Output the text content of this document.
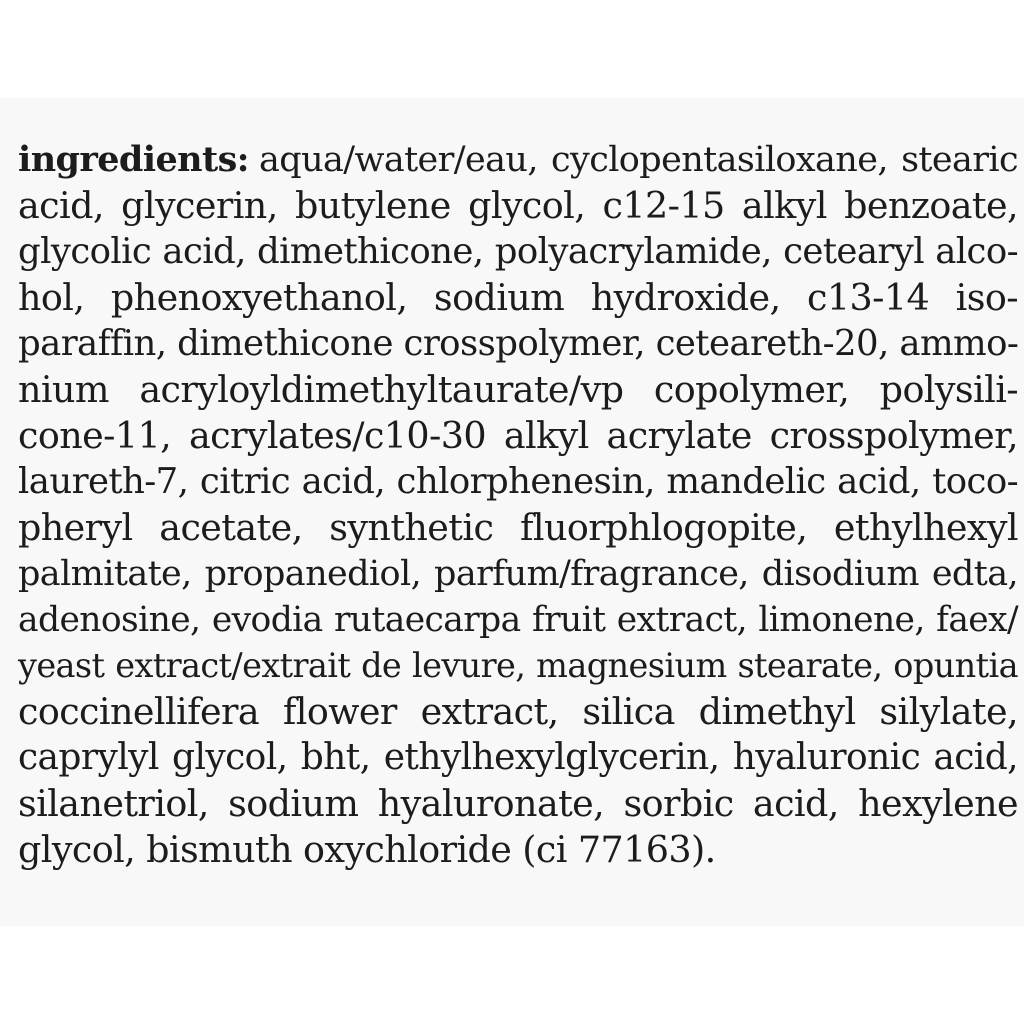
ingredients: aqua/water/eau, cyclopentasiloxane, stearic
acid, glycerin, butylene glycol, c12-15 alkyl benzoate,
glycolic acid, dimethicone, polyacrylamide, cetearyl alco-
hol, phenoxyethanol, sodium hydroxide, c13-14 iso-
paraffin, dimethicone crosspolymer, ceteareth-20, ammo-
nium acryloyldimethyltaurate/vp copolymer, polysili-
cone-11, acrylates/c10-30 alkyl acrylate crosspolymer,
laureth-7, citric acid, chlorphenesin, mandelic acid, toco-
pheryl acetate, synthetic fluorphlogopite, ethylhexyl
palmitate, propanediol, parfum/fragrance, disodium edta,
adenosine, evodia rutaecarpa fruit extract, limonene, faex/
yeast extract/extrait de levure, magnesium stearate, opuntia
coccinellifera flower extract, silica dimethyl silylate,
caprylyl glycol, bht, ethylhexylglycerin, hyaluronic acid,
silanetriol, sodium hyaluronate, sorbic acid, hexylene
glycol, bismuth oxychloride (ci 77163).
